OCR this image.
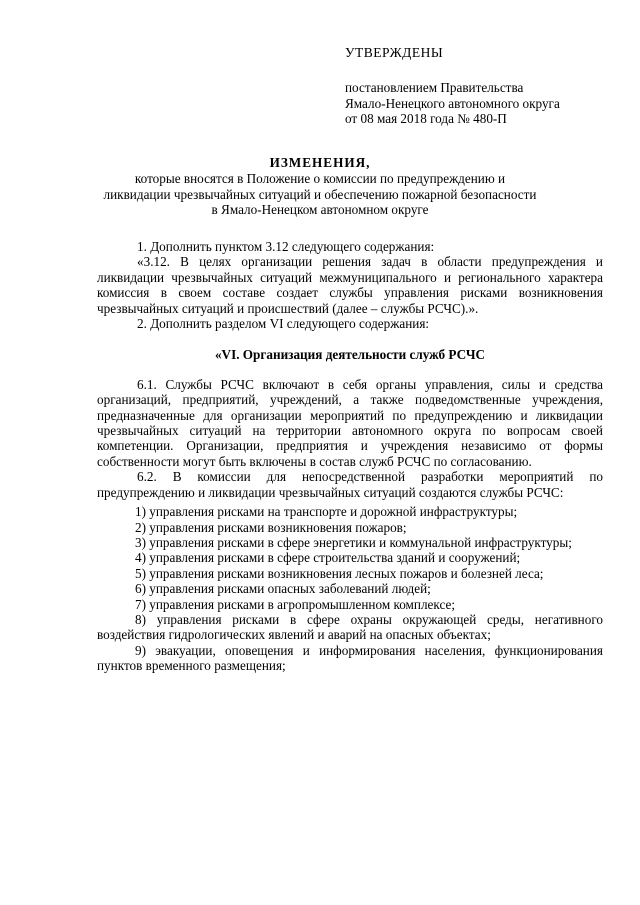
УТВЕРЖДЕНЫ
постановлением Правительства
Ямало-Ненецкого автономного округа
от 08 мая 2018 года № 480-П
ИЗМЕНЕНИЯ,
которые вносятся в Положение о комиссии по предупреждению и ликвидации чрезвычайных ситуаций и обеспечению пожарной безопасности в Ямало-Ненецком автономном округе
1. Дополнить пунктом 3.12 следующего содержания:
«3.12. В целях организации решения задач в области предупреждения и ликвидации чрезвычайных ситуаций межмуниципального и регионального характера комиссия в своем составе создает службы управления рисками возникновения чрезвычайных ситуаций и происшествий (далее – службы РСЧС).».
2. Дополнить разделом VI следующего содержания:
«VI. Организация деятельности служб РСЧС
6.1. Службы РСЧС включают в себя органы управления, силы и средства организаций, предприятий, учреждений, а также подведомственные учреждения, предназначенные для организации мероприятий по предупреждению и ликвидации чрезвычайных ситуаций на территории автономного округа по вопросам своей компетенции. Организации, предприятия и учреждения независимо от формы собственности могут быть включены в состав служб РСЧС по согласованию.
6.2. В комиссии для непосредственной разработки мероприятий по предупреждению и ликвидации чрезвычайных ситуаций создаются службы РСЧС:
1) управления рисками на транспорте и дорожной инфраструктуры;
2) управления рисками возникновения пожаров;
3) управления рисками в сфере энергетики и коммунальной инфраструктуры;
4) управления рисками в сфере строительства зданий и сооружений;
5) управления рисками возникновения лесных пожаров и болезней леса;
6) управления рисками опасных заболеваний людей;
7) управления рисками в агропромышленном комплексе;
8) управления рисками в сфере охраны окружающей среды, негативного воздействия гидрологических явлений и аварий на опасных объектах;
9) эвакуации, оповещения и информирования населения, функционирования пунктов временного размещения;
